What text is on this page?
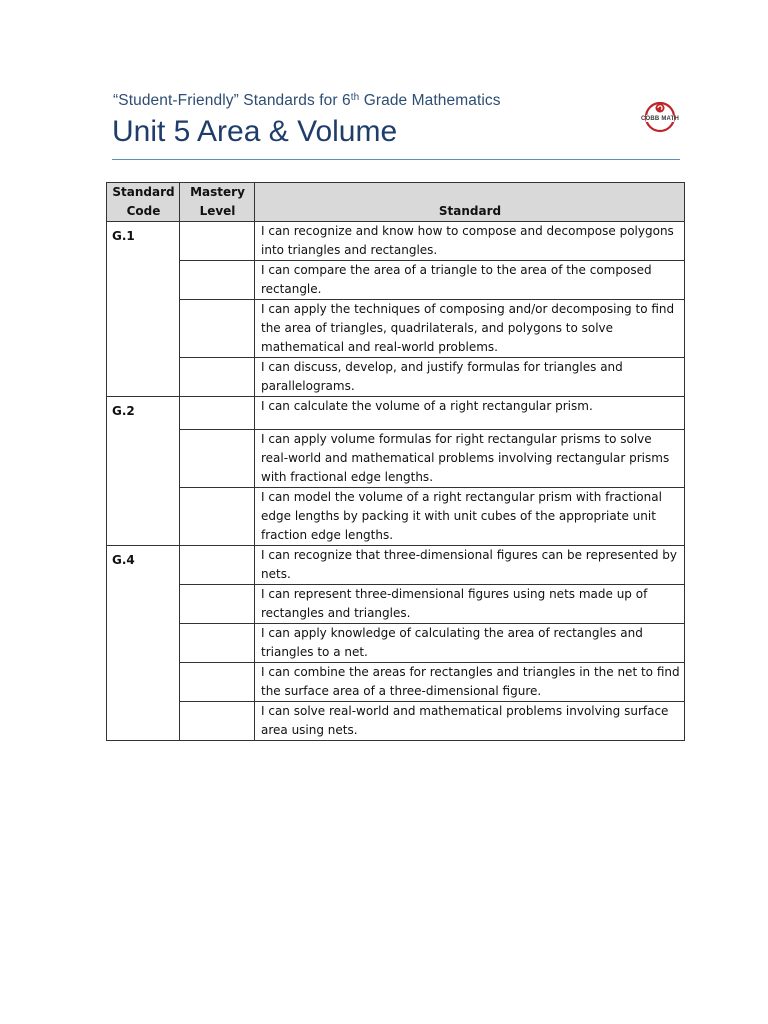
“Student-Friendly” Standards for 6th Grade Mathematics
Unit 5 Area & Volume	COBB MATH
Standard Code	Mastery Level	Standard
G.1		I can recognize and know how to compose and decompose polygons into triangles and rectangles.
		I can compare the area of a triangle to the area of the composed rectangle.
		I can apply the techniques of composing and/or decomposing to find the area of triangles, quadrilaterals, and polygons to solve mathematical and real-world problems.
		I can discuss, develop, and justify formulas for triangles and parallelograms.
G.2		I can calculate the volume of a right rectangular prism.
		I can apply volume formulas for right rectangular prisms to solve real-world and mathematical problems involving rectangular prisms with fractional edge lengths.
		I can model the volume of a right rectangular prism with fractional edge lengths by packing it with unit cubes of the appropriate unit fraction edge lengths.
G.4		I can recognize that three-dimensional figures can be represented by nets.
		I can represent three-dimensional figures using nets made up of rectangles and triangles.
		I can apply knowledge of calculating the area of rectangles and triangles to a net.
		I can combine the areas for rectangles and triangles in the net to find the surface area of a three-dimensional figure.
		I can solve real-world and mathematical problems involving surface area using nets.
